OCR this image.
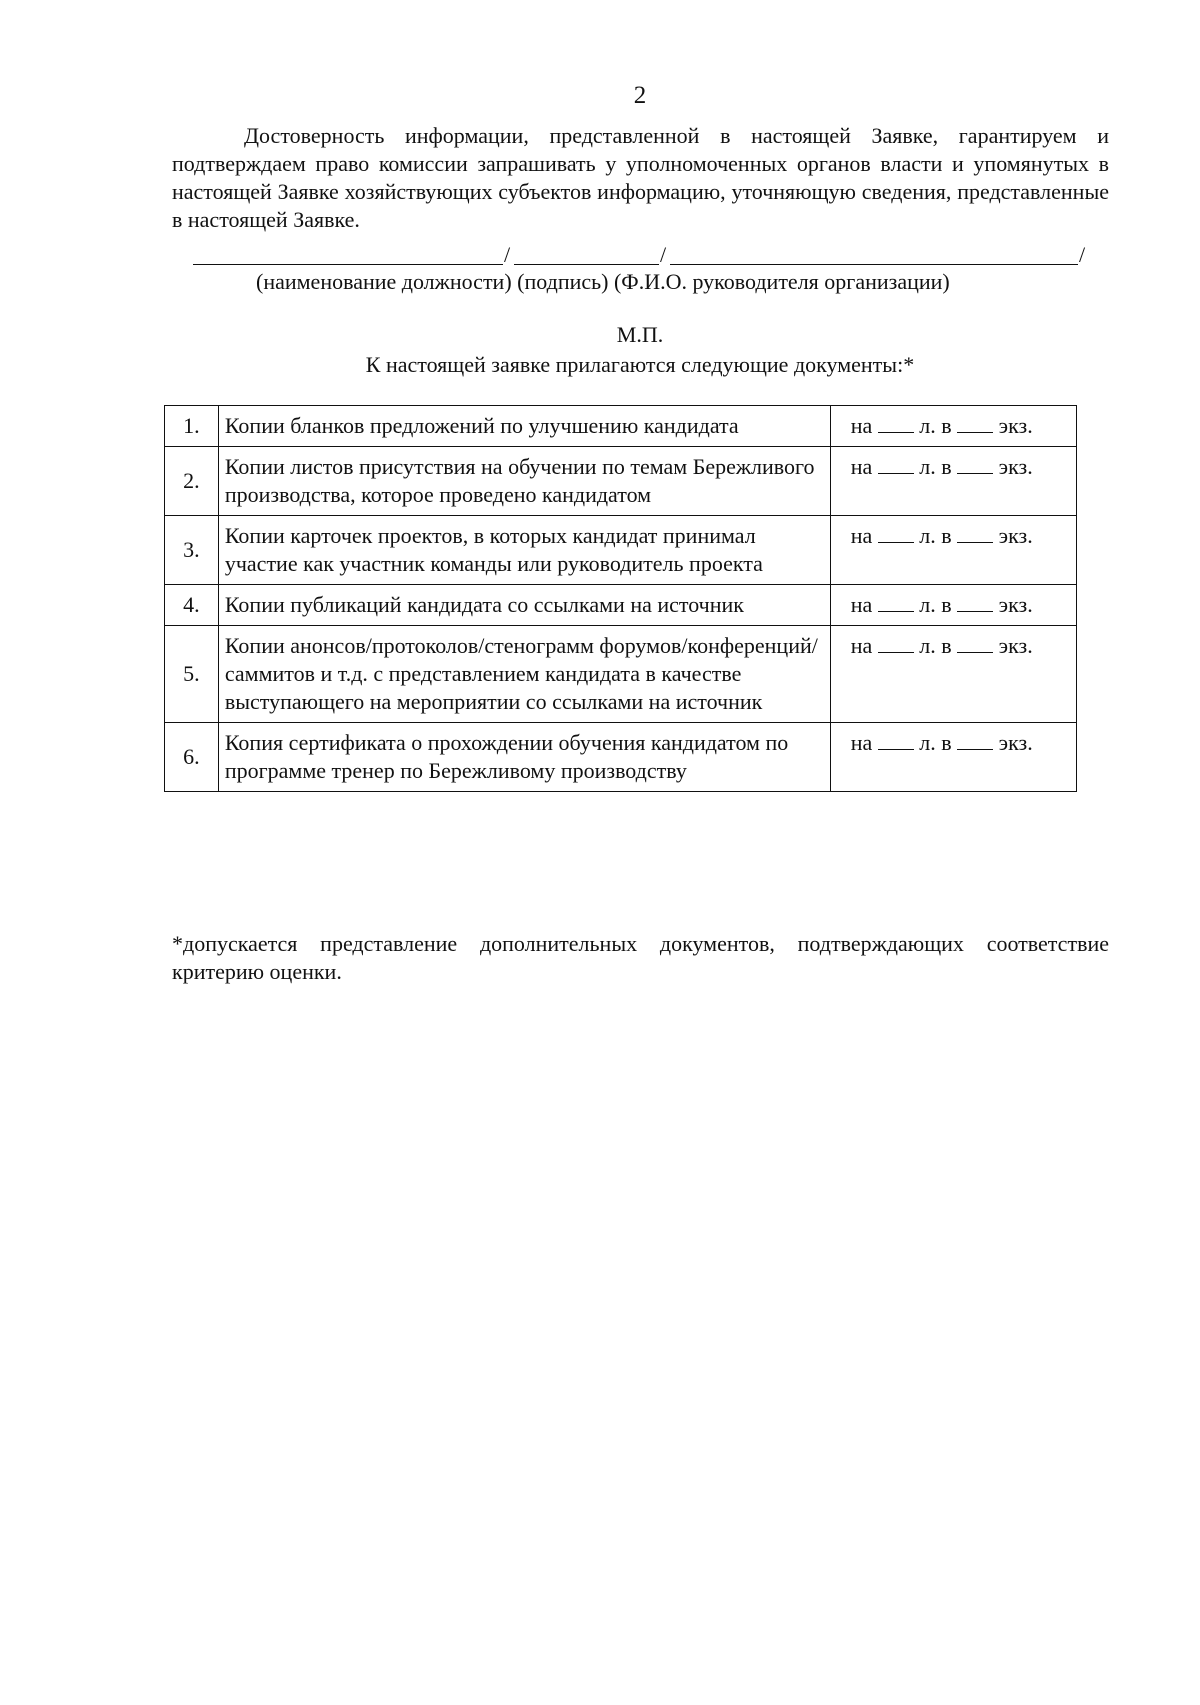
2
Достоверность информации, представленной в настоящей Заявке, гарантируем и подтверждаем право комиссии запрашивать у уполномоченных органов власти и упомянутых в настоящей Заявке хозяйствующих субъектов информацию, уточняющую сведения, представленные в настоящей Заявке.
/	/	/
(наименование должности) (подпись) (Ф.И.О. руководителя организации)
М.П.
К настоящей заявке прилагаются следующие документы:*
1.	Копии бланков предложений по улучшению кандидата	на л. в экз.
2.	Копии листов присутствия на обучении по темам Бережливого производства, которое проведено кандидатом	на л. в экз.
3.	Копии карточек проектов, в которых кандидат принимал участие как участник команды или руководитель проекта	на л. в экз.
4.	Копии публикаций кандидата со ссылками на источник	на л. в экз.
5.	Копии анонсов/протоколов/стенограмм форумов/конференций/саммитов и т.д. с представлением кандидата в качестве выступающего на мероприятии со ссылками на источник	на л. в экз.
6.	Копия сертификата о прохождении обучения кандидатом по программе тренер по Бережливому производству	на л. в экз.
*допускается представление дополнительных документов, подтверждающих соответствие критерию оценки.
